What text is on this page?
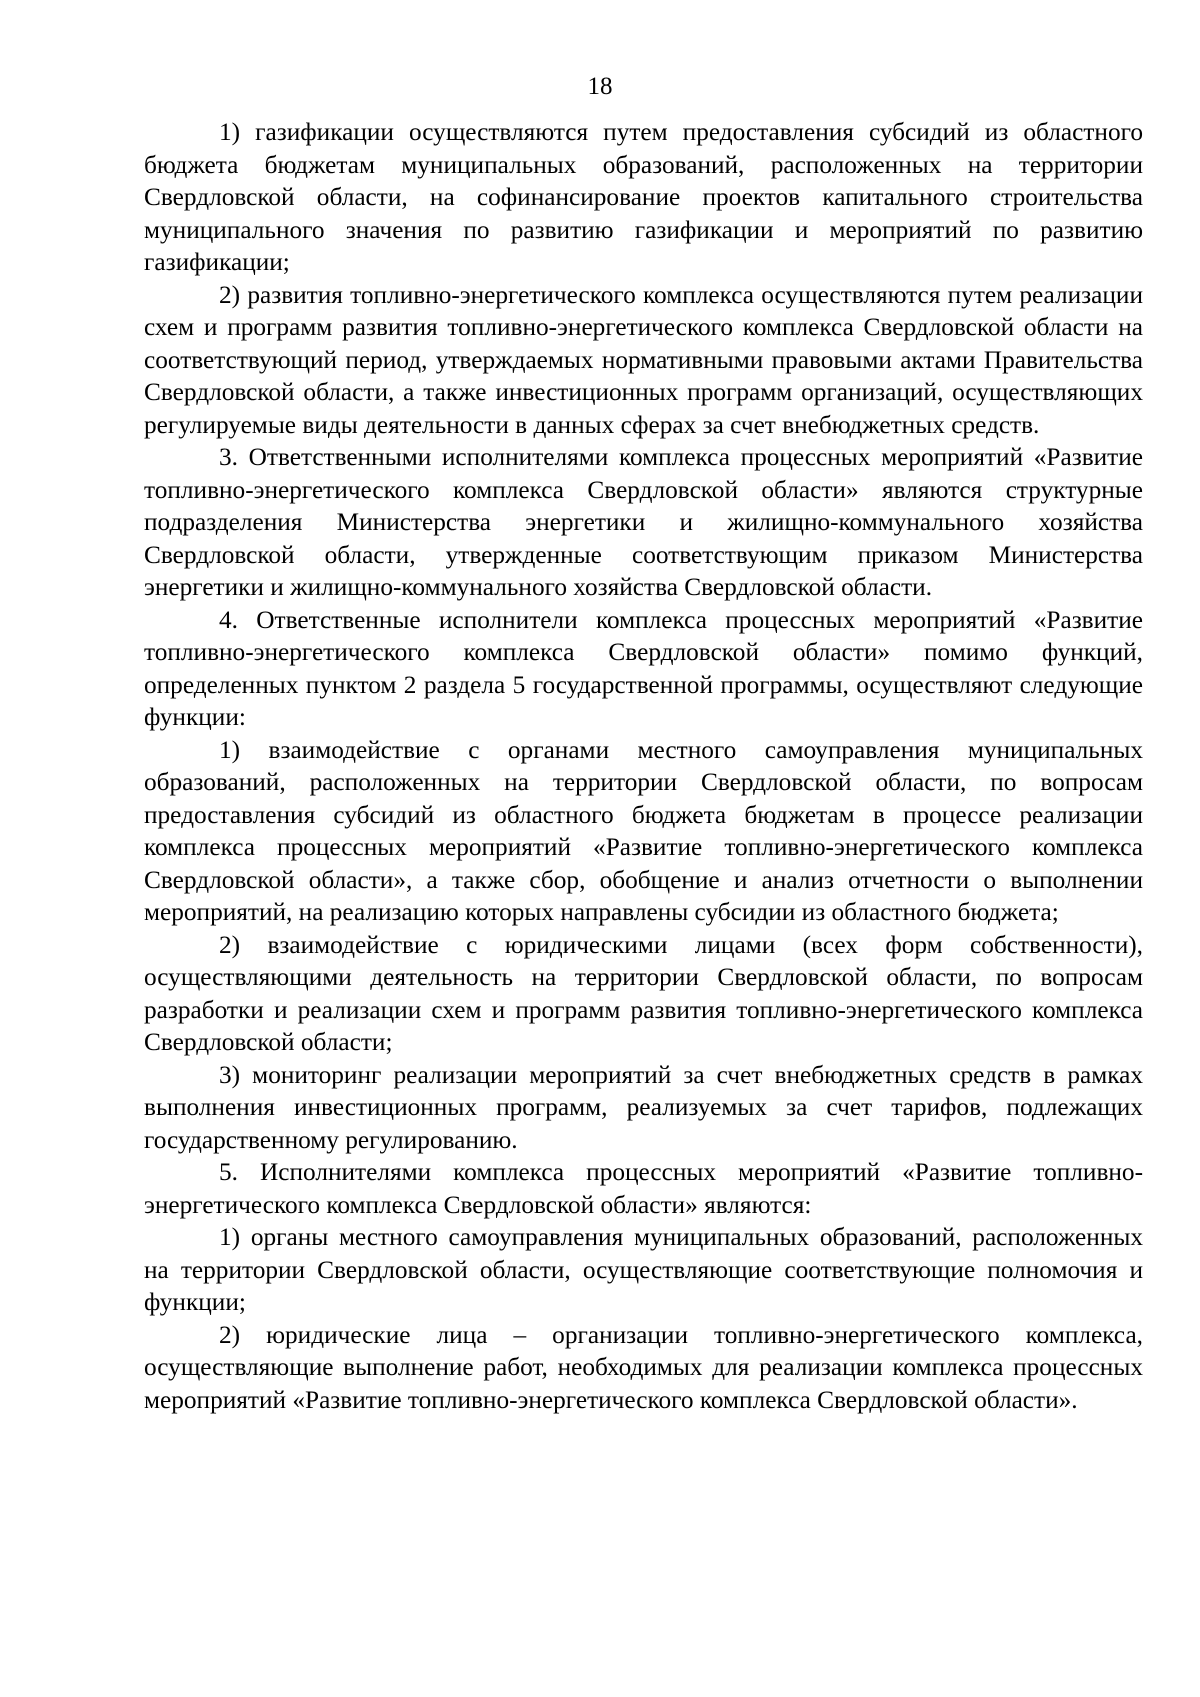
18

1) газификации осуществляются путем предоставления субсидий из областного бюджета бюджетам муниципальных образований, расположенных на территории Свердловской области, на софинансирование проектов капитального строительства муниципального значения по развитию газификации и мероприятий по развитию газификации;

2) развития топливно-энергетического комплекса осуществляются путем реализации схем и программ развития топливно-энергетического комплекса Свердловской области на соответствующий период, утверждаемых нормативными правовыми актами Правительства Свердловской области, а также инвестиционных программ организаций, осуществляющих регулируемые виды деятельности в данных сферах за счет внебюджетных средств.

3. Ответственными исполнителями комплекса процессных мероприятий «Развитие топливно-энергетического комплекса Свердловской области» являются структурные подразделения Министерства энергетики и жилищно-коммунального хозяйства Свердловской области, утвержденные соответствующим приказом Министерства энергетики и жилищно-коммунального хозяйства Свердловской области.

4. Ответственные исполнители комплекса процессных мероприятий «Развитие топливно-энергетического комплекса Свердловской области» помимо функций, определенных пунктом 2 раздела 5 государственной программы, осуществляют следующие функции:

1) взаимодействие с органами местного самоуправления муниципальных образований, расположенных на территории Свердловской области, по вопросам предоставления субсидий из областного бюджета бюджетам в процессе реализации комплекса процессных мероприятий «Развитие топливно-энергетического комплекса Свердловской области», а также сбор, обобщение и анализ отчетности о выполнении мероприятий, на реализацию которых направлены субсидии из областного бюджета;

2) взаимодействие с юридическими лицами (всех форм собственности), осуществляющими деятельность на территории Свердловской области, по вопросам разработки и реализации схем и программ развития топливно-энергетического комплекса Свердловской области;

3) мониторинг реализации мероприятий за счет внебюджетных средств в рамках выполнения инвестиционных программ, реализуемых за счет тарифов, подлежащих государственному регулированию.

5. Исполнителями комплекса процессных мероприятий «Развитие топливно-энергетического комплекса Свердловской области» являются:

1) органы местного самоуправления муниципальных образований, расположенных на территории Свердловской области, осуществляющие соответствующие полномочия и функции;

2) юридические лица – организации топливно-энергетического комплекса, осуществляющие выполнение работ, необходимых для реализации комплекса процессных мероприятий «Развитие топливно-энергетического комплекса Свердловской области».
